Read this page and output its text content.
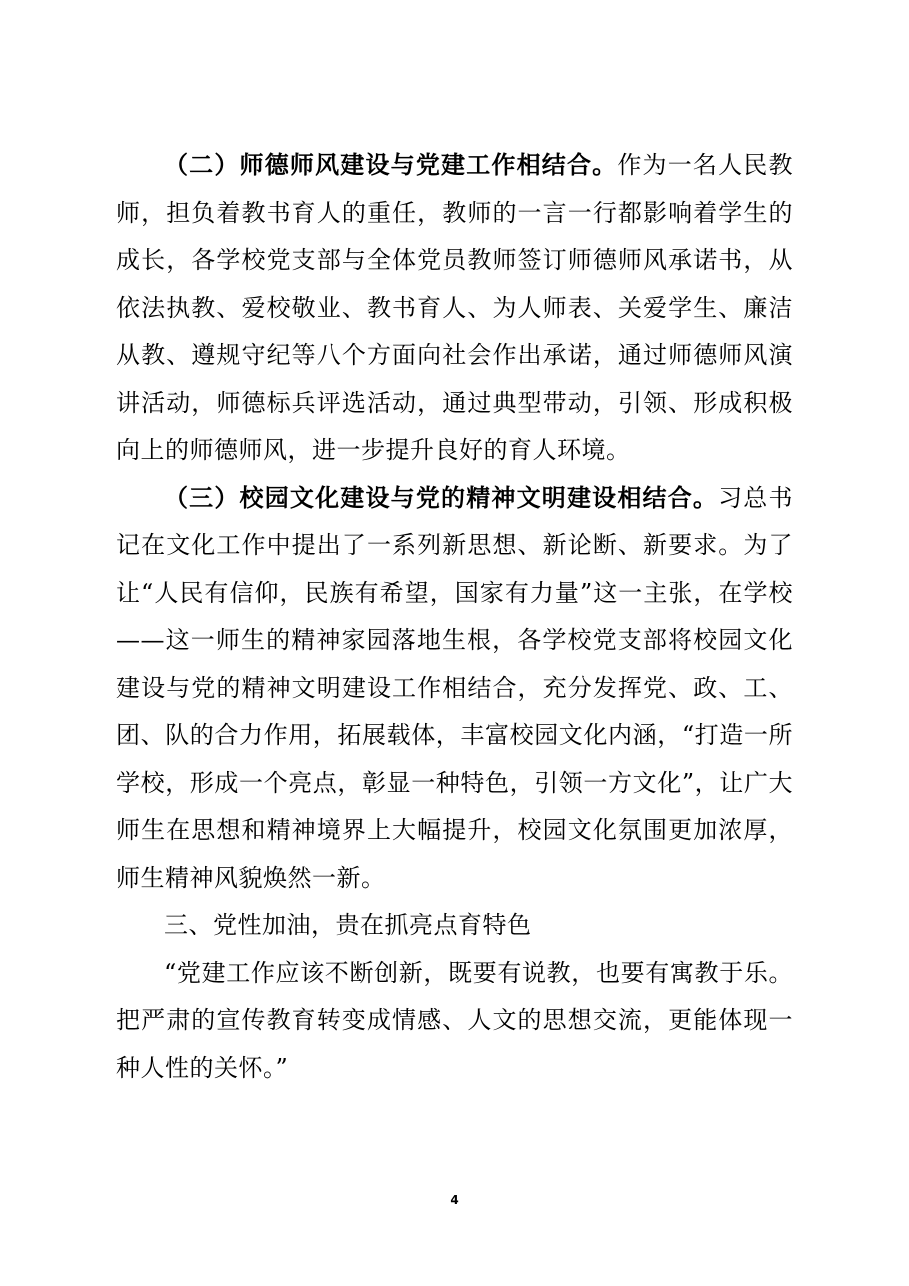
（二）师德师风建设与党建工作相结合。作为一名人民教师，担负着教书育人的重任，教师的一言一行都影响着学生的成长，各学校党支部与全体党员教师签订师德师风承诺书，从依法执教、爱校敬业、教书育人、为人师表、关爱学生、廉洁从教、遵规守纪等八个方面向社会作出承诺，通过师德师风演讲活动，师德标兵评选活动，通过典型带动，引领、形成积极向上的师德师风，进一步提升良好的育人环境。

（三）校园文化建设与党的精神文明建设相结合。习总书记在文化工作中提出了一系列新思想、新论断、新要求。为了让“人民有信仰，民族有希望，国家有力量”这一主张，在学校——这一师生的精神家园落地生根，各学校党支部将校园文化建设与党的精神文明建设工作相结合，充分发挥党、政、工、团、队的合力作用，拓展载体，丰富校园文化内涵，“打造一所学校，形成一个亮点，彰显一种特色，引领一方文化”，让广大师生在思想和精神境界上大幅提升，校园文化氛围更加浓厚，师生精神风貌焕然一新。

三、党性加油，贵在抓亮点育特色

“党建工作应该不断创新，既要有说教，也要有寓教于乐。把严肃的宣传教育转变成情感、人文的思想交流，更能体现一种人性的关怀。”

4
